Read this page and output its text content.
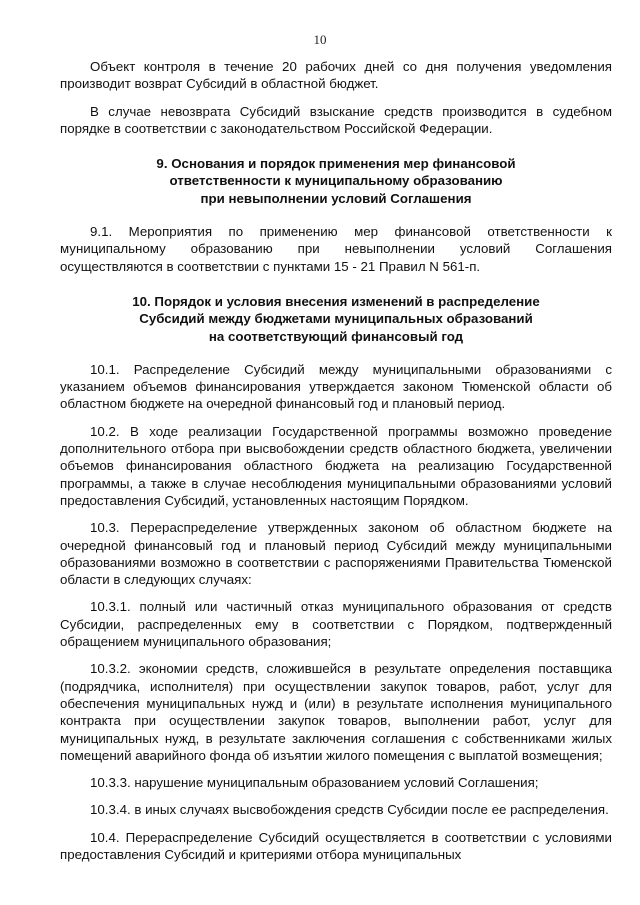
10

Объект контроля в течение 20 рабочих дней со дня получения уведомления производит возврат Субсидий в областной бюджет.

В случае невозврата Субсидий взыскание средств производится в судебном порядке в соответствии с законодательством Российской Федерации.

9. Основания и порядок применения мер финансовой
ответственности к муниципальному образованию
при невыполнении условий Соглашения

9.1. Мероприятия по применению мер финансовой ответственности к муниципальному образованию при невыполнении условий Соглашения осуществляются в соответствии с пунктами 15 - 21 Правил N 561-п.

10. Порядок и условия внесения изменений в распределение
Субсидий между бюджетами муниципальных образований
на соответствующий финансовый год

10.1. Распределение Субсидий между муниципальными образованиями с указанием объемов финансирования утверждается законом Тюменской области об областном бюджете на очередной финансовый год и плановый период.

10.2. В ходе реализации Государственной программы возможно проведение дополнительного отбора при высвобождении средств областного бюджета, увеличении объемов финансирования областного бюджета на реализацию Государственной программы, а также в случае несоблюдения муниципальными образованиями условий предоставления Субсидий, установленных настоящим Порядком.

10.3. Перераспределение утвержденных законом об областном бюджете на очередной финансовый год и плановый период Субсидий между муниципальными образованиями возможно в соответствии с распоряжениями Правительства Тюменской области в следующих случаях:

10.3.1. полный или частичный отказ муниципального образования от средств Субсидии, распределенных ему в соответствии с Порядком, подтвержденный обращением муниципального образования;

10.3.2. экономии средств, сложившейся в результате определения поставщика (подрядчика, исполнителя) при осуществлении закупок товаров, работ, услуг для обеспечения муниципальных нужд и (или) в результате исполнения муниципального контракта при осуществлении закупок товаров, выполнении работ, услуг для муниципальных нужд, в результате заключения соглашения с собственниками жилых помещений аварийного фонда об изъятии жилого помещения с выплатой возмещения;

10.3.3. нарушение муниципальным образованием условий Соглашения;

10.3.4. в иных случаях высвобождения средств Субсидии после ее распределения.

10.4. Перераспределение Субсидий осуществляется в соответствии с условиями предоставления Субсидий и критериями отбора муниципальных
